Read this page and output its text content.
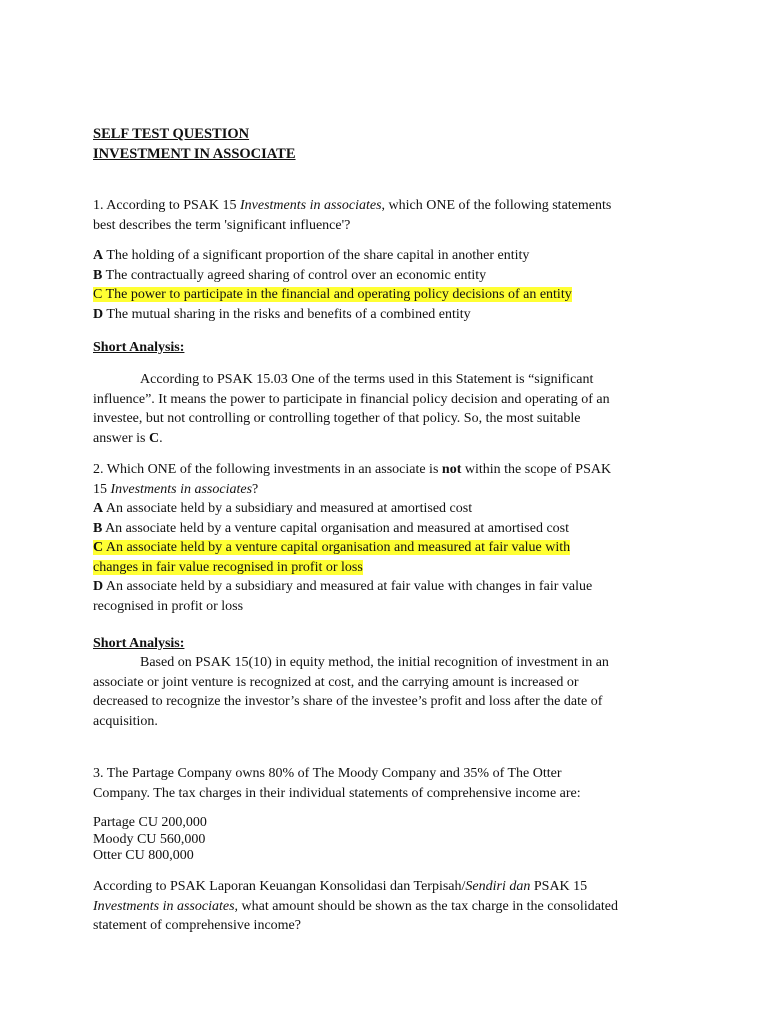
SELF TEST QUESTION
INVESTMENT IN ASSOCIATE
1. According to PSAK 15 Investments in associates, which ONE of the following statements
best describes the term 'significant influence'?
A The holding of a significant proportion of the share capital in another entity
B The contractually agreed sharing of control over an economic entity
C The power to participate in the financial and operating policy decisions of an entity
D The mutual sharing in the risks and benefits of a combined entity
Short Analysis:
According to PSAK 15.03 One of the terms used in this Statement is “significant
influence”. It means the power to participate in financial policy decision and operating of an
investee, but not controlling or controlling together of that policy. So, the most suitable
answer is C.
2. Which ONE of the following investments in an associate is not within the scope of PSAK
15 Investments in associates?
A An associate held by a subsidiary and measured at amortised cost
B An associate held by a venture capital organisation and measured at amortised cost
C An associate held by a venture capital organisation and measured at fair value with
changes in fair value recognised in profit or loss
D An associate held by a subsidiary and measured at fair value with changes in fair value
recognised in profit or loss
Short Analysis:
Based on PSAK 15(10) in equity method, the initial recognition of investment in an
associate or joint venture is recognized at cost, and the carrying amount is increased or
decreased to recognize the investor’s share of the investee’s profit and loss after the date of
acquisition.
3. The Partage Company owns 80% of The Moody Company and 35% of The Otter
Company. The tax charges in their individual statements of comprehensive income are:
Partage CU 200,000
Moody CU 560,000
Otter CU 800,000
According to PSAK Laporan Keuangan Konsolidasi dan Terpisah/Sendiri dan PSAK 15
Investments in associates, what amount should be shown as the tax charge in the consolidated
statement of comprehensive income?
